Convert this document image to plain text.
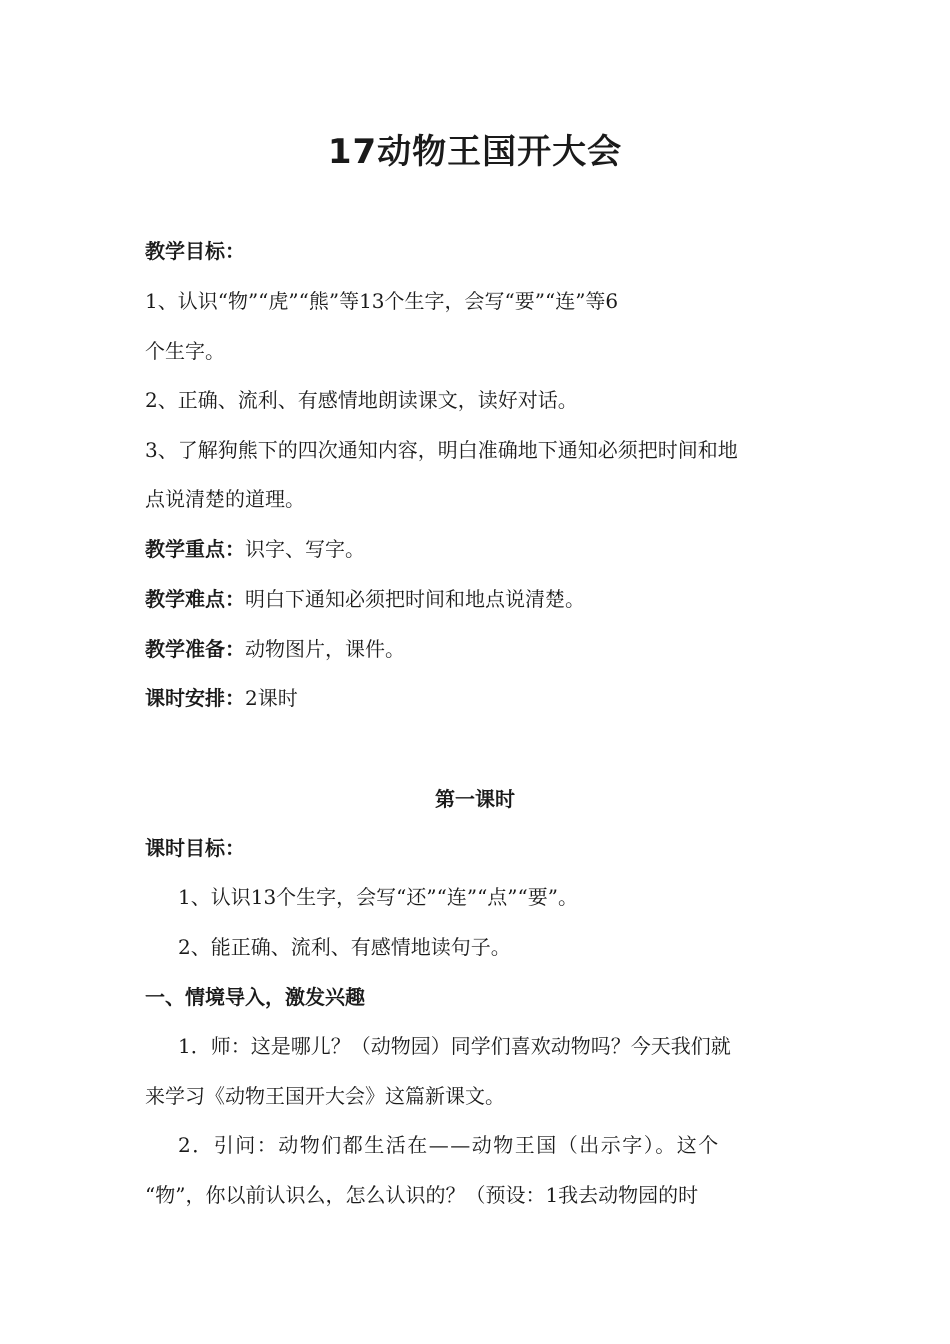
17动物王国开大会
教学目标：
1、认识“物”“虎”“熊”等13个生字，会写“要”“连”等6
个生字。
2、正确、流利、有感情地朗读课文，读好对话。
3、了解狗熊下的四次通知内容，明白准确地下通知必须把时间和地
点说清楚的道理。
教学重点：识字、写字。
教学难点：明白下通知必须把时间和地点说清楚。
教学准备：动物图片，课件。
课时安排：2课时
第一课时
课时目标：
1、认识13个生字，会写“还”“连”“点”“要”。
2、能正确、流利、有感情地读句子。
一、情境导入，激发兴趣
1．师：这是哪儿？（动物园）同学们喜欢动物吗？今天我们就
来学习《动物王国开大会》这篇新课文。
2．引问：动物们都生活在——动物王国（出示字）。这个
“物”，你以前认识么，怎么认识的？（预设：1我去动物园的时
